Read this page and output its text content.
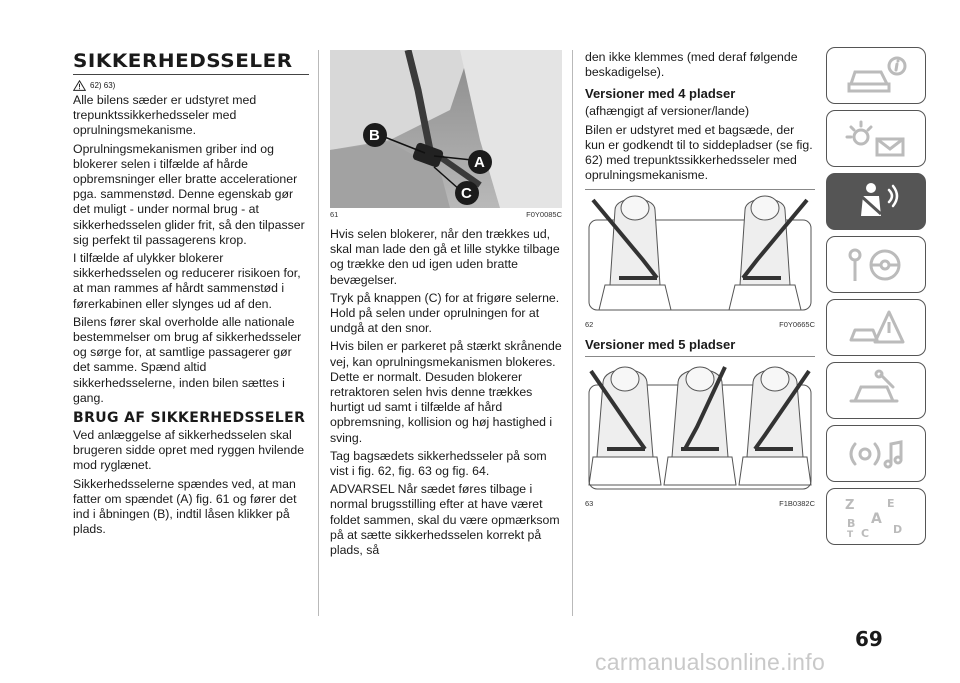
SIKKERHEDSSELER
62) 63)

Alle bilens sæder er udstyret med trepunktssikkerhedsseler med oprulningsmekanisme.

Oprulningsmekanismen griber ind og blokerer selen i tilfælde af hårde opbremsninger eller bratte accelerationer pga. sammenstød. Denne egenskab gør det muligt - under normal brug - at sikkerhedsselen glider frit, så den tilpasser sig perfekt til passagerens krop.

I tilfælde af ulykker blokerer sikkerhedsselen og reducerer risikoen for, at man rammes af hårdt sammenstød i førerkabinen eller slynges ud af den.

Bilens fører skal overholde alle nationale bestemmelser om brug af sikkerhedsseler og sørge for, at samtlige passagerer gør det samme. Spænd altid sikkerhedsselerne, inden bilen sættes i gang.

BRUG AF SIKKERHEDSSELER

Ved anlæggelse af sikkerhedsselen skal brugeren sidde opret med ryggen hvilende mod ryglænet.

Sikkerhedsselerne spændes ved, at man fatter om spændet (A) fig. 61 og fører det ind i åbningen (B), indtil låsen klikker på plads.

B
A
C
61	F0Y0085C

Hvis selen blokerer, når den trækkes ud, skal man lade den gå et lille stykke tilbage og trække den ud igen uden bratte bevægelser.

Tryk på knappen (C) for at frigøre selerne. Hold på selen under oprulningen for at undgå at den snor.

Hvis bilen er parkeret på stærkt skrånende vej, kan oprulningsmekanismen blokeres. Dette er normalt. Desuden blokerer retraktoren selen hvis denne trækkes hurtigt ud samt i tilfælde af hård opbremsning, kollision og høj hastighed i sving.

Tag bagsædets sikkerhedsseler på som vist i fig. 62, fig. 63 og fig. 64.

ADVARSEL Når sædet føres tilbage i normal brugsstilling efter at have været foldet sammen, skal du være opmærksom på at sætte sikkerhedsselen korrekt på plads, så

den ikke klemmes (med deraf følgende beskadigelse).

Versioner med 4 pladser

(afhængigt af versioner/lande)

Bilen er udstyret med et bagsæde, der kun er godkendt til to siddepladser (se fig. 62) med trepunktssikkerhedsseler med oprulningsmekanisme.

62	F0Y0665C
Versioner med 5 pladser
63	F1B0382C Z	E
A
B
C
T	D
69
carmanualsonline.info
